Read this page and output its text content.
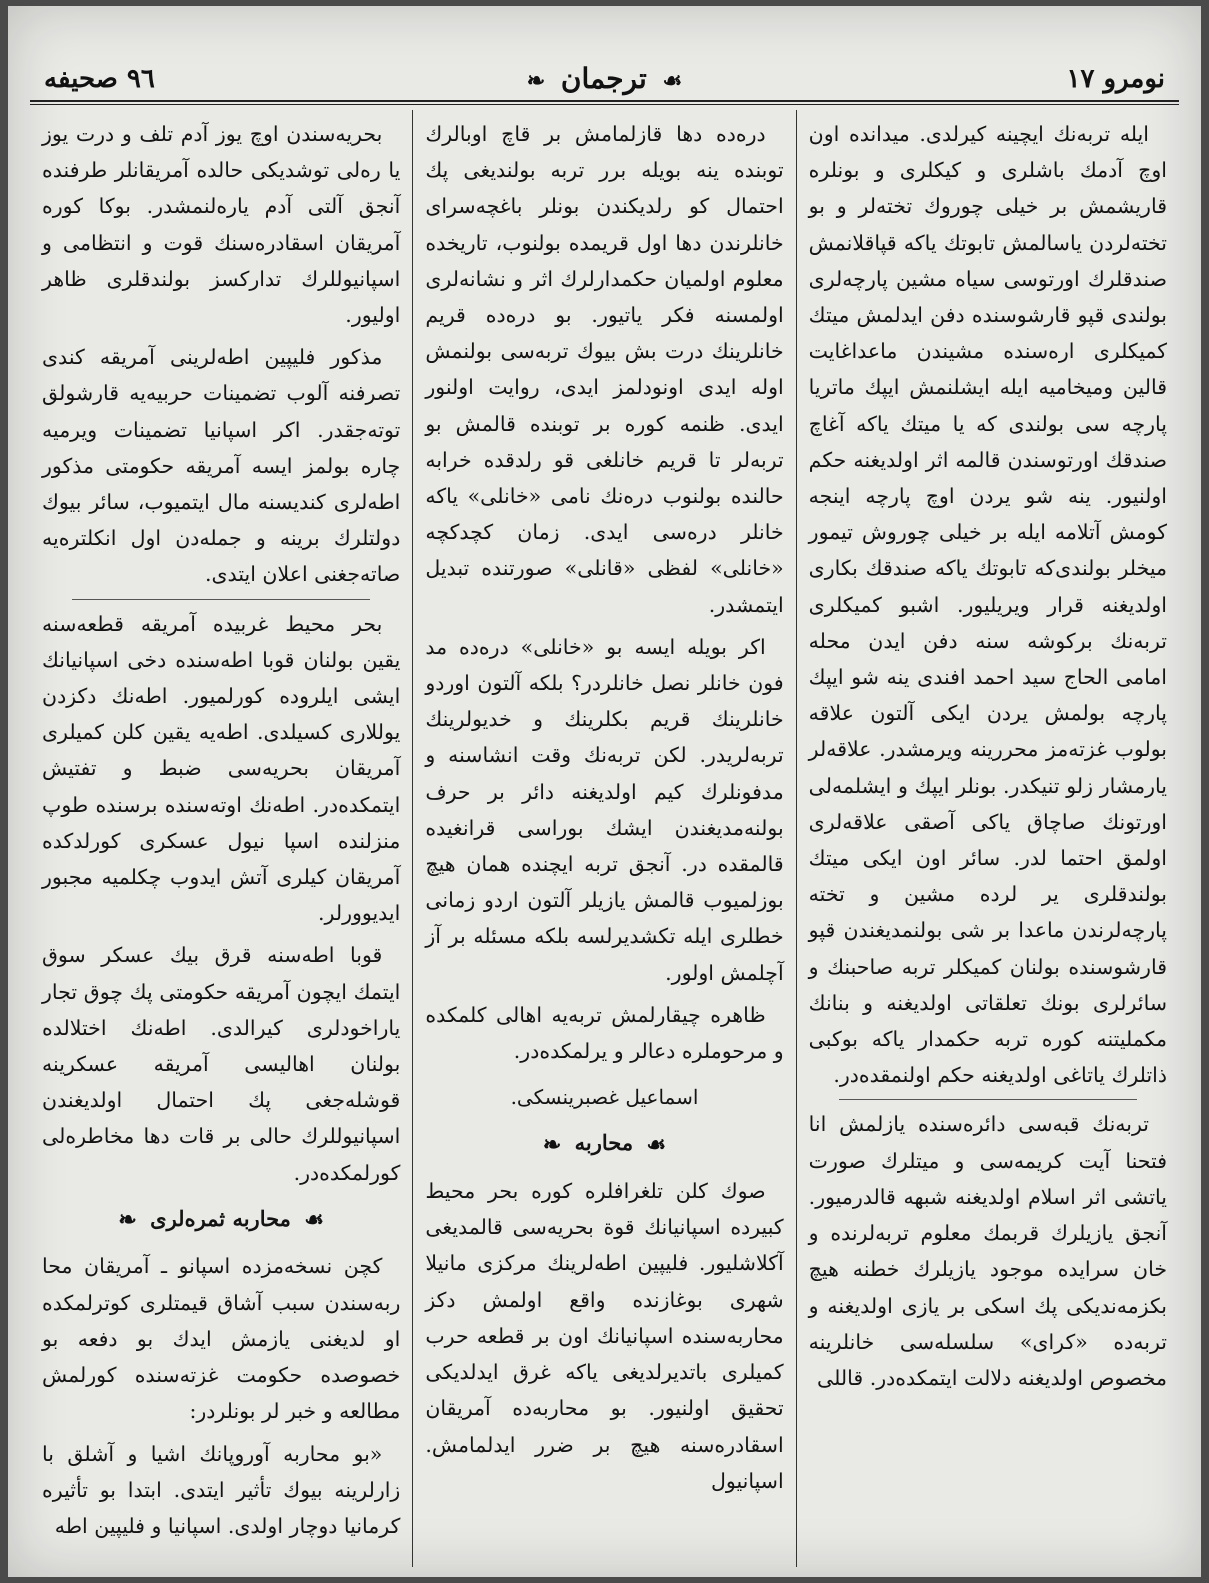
نومرو ١٧
☙ ترجمان ❧
٩٦ صحيفه

ايله تربه‌نك ايچينه كيرلدى. ميدانده اون اوچ آدمك باشلرى و كيكلرى و بونلره قاريشمش بر خيلى چوروك تخته‌لر و بو تخته‌لردن ياسالمش تابوتك ياكه قپاقلانمش صندقلرك اورتوسى سياه مشين پارچه‌لرى بولندى قپو قارشوسنده دفن ايدلمش ميتك كميكلرى ارەسنده مشيندن ماعداغايت قالين وميخاميه ايله ايشلنمش ايپك ماتريا پارچه سى بولندى كه يا ميتك ياكه آغاچ صندقك اورتوسندن قالمه اثر اولديغنه حكم اولنيور. ينه شو يردن اوچ پارچه اينجه كومش آتلامه ايله بر خيلى چوروش تيمور ميخلر بولندى‌كه تابوتك ياكه صندقك بكارى اولديغنه قرار ويريليور. اشبو كميكلرى تربه‌نك بركوشه سنه دفن ايدن محله امامى الحاج سيد احمد افندى ينه شو ايپك پارچه بولمش يردن ايكى آلتون علاقه بولوب غزته‌مز محررينه ويرمشدر. علاقه‌لر يارمشار زلو تنيكدر. بونلر ايپك و ايشلمه‌لى اورتونك صاچاق ياكى آصقى علاقه‌لرى اولمق احتما لدر. سائر اون ايكى ميتك بولندقلرى ير لرده مشين و تخته پارچه‌لرندن ماعدا بر شى بولنمديغندن قپو قارشوسنده بولنان كميكلر تربه صاحبنك و سائرلرى بونك تعلقاتى اولديغنه و بنانك مكمليتنه كوره تربه حكمدار ياكه بوكبى ذاتلرك ياتاغى اولديغنه حكم اولنمقده‌در.

تربه‌نك قبه‌سى دائره‌سنده يازلمش انا فتحنا آيت كريمه‌سى و ميتلرك صورت يا‌تشى اثر اسلام اولديغنه شبهه قالدرميور. آنجق يازيلرك قربمك معلوم تربه‌لرنده و خان سرايده موجود يازيلرك خطنه هيچ بكزمه‌نديكى پك اسكى بر يازى اولديغنه و تربه‌ده «كراى» سلسله‌سى خانلرينه مخصوص اولديغنه دلالت ايتمكده‌در. قاللى

دره‌ده دها قازلمامش بر قاچ اوبالرك توبنده ينه بويله برر تربه بولنديغى پك احتمال كو رلديكندن بونلر باغچه‌سراى خانلرندن دها اول قريمده بولنوب، تاريخده معلوم اولميان حكمدارلرك اثر و نشانه‌لرى اولمسنه فكر ياتيور. بو دره‌ده قريم خانلرينك درت بش بيوك تربه‌سى بولنمش اوله ايدى اونودلمز ايدى، روايت اولنور ايدى. ظنمه كوره بر توبنده قالمش بو تربه‌لر تا قريم خانلغى قو رلدقده خرابه حالنده بولنوب دره‌نك نامى «خانلى» ياكه خانلر دره‌سى ايدى. زمان كچدكچه «خانلى» لفظى «قانلى» صورتنده تبديل ايتمشدر.

اكر بويله ايسه بو «خانلى» دره‌ده مد فون خانلر نصل خانلردر؟ بلكه آلتون اوردو خانلرينك قريم بكلرينك و خديولرينك تربه‌لريدر. لكن تربه‌نك وقت انشاسنه و مدفونلرك كيم اولديغنه دائر بر حرف بو‌لنه‌مديغندن ايشك بوراسى قرانغيده قالمقده در. آنجق تربه ايچنده همان هيچ بو‌زلميوب قالمش يازيلر آلتون اردو زمانى خطلرى ايله تكشديرلسه بلكه مسئله بر آز آچلمش اولور.

ظاهره چيقارلمش تربه‌يه اهالى كلمكده و مرحوملره دعالر و يرلمكده‌در.

اسماعيل غصبرينسكى.
☙ محاربه ❧

صوك كلن تلغرافلره كوره بحر محيط كبيرده اسپانيانك قوة بحريه‌سى قالمديغى آكلاشليور. فليپين اطه‌لرينك مركزى مانيلا شهرى بوغازنده واقع اولمش دكز محاربه‌سنده اسپانيانك اون بر قطعه حرب كميلرى باتديرلديغى ياكه غرق ايدلديكى تحقيق اولنيور. بو محاربه‌ده آمريقان اسقا‌دره‌سنه هيچ بر ضرر ايدلمامش. اسپانيول

بحريه‌سندن اوچ يوز آدم تلف و درت يوز يا رەلى توشديكى حالده آمريقانلر طرفنده آنجق آلتى آدم ياره‌لنمشدر. بوكا كوره آمريقان اسقادره‌سنك قوت و انتظامى و اسپانيوللرك تدارکسز بولندقلرى ظاهر اوليور.

مذكور فليپين اطه‌لرينى آمريقه كندى تصرفنه آلوب تضمينات حربيه‌يه قارشولق توته‌جقدر. اكر اسپانيا تضمينات ويرميه چاره بولمز ايسه آمريقه حكومتى مذكور اطه‌لرى كنديسنه مال ايتميوب، سائر بيوك دولتلرك برينه و جمله‌دن اول انكلتره‌يه صاته‌جغنى اعلان ايتدى.

بحر محيط غربيده آمريقه قطعه‌سنه يقين بولنان قوبا اطه‌سنده دخى اسپانيانك ايشى ايلروده كورلميور. اطه‌نك دكزدن يوللارى كسيلدى. اطه‌يه يقين كلن كميلرى آمريقان بحريه‌سى ضبط و تفتيش ايتمكده‌در. اطه‌نك اوته‌سنده برسنده طوپ منزلنده اسپا نيول عسكرى كورلدكده آمريقان كيلرى آتش ايدوب چكلميه مجبور ايديوورلر.

قوبا اطه‌سنه قرق بيك عسكر سوق ايتمك ايچون آمريقه حكومتى پك چوق تجار ياراخودلرى كيرالدى. اطه‌نك اختلالده بولنان اهاليسى آمريقه عسكرينه قوشله‌جغى پك احتمال اولديغندن اسپانيوللرك حالى بر قات دها مخاطره‌لى كورلمكده‌در.

☙ محاربه ثمره‌لرى ❧

كچن نسخه‌مزده اسپانو ـ آمريقان محا ربه‌سندن سبب آشاق قيمتلرى كوترلمكده او لديغنى يازمش ايدك بو دفعه بو خصوصده حكومت غزته‌سنده كورلمش مطالعه و خبر لر بونلردر:

«بو محاربه آوروپانك اشيا و آشلق با زارلرينه بيوك تأثير ايتدى. ابتدا بو تأثيره كرمانيا دوچار اولدى. اسپانيا و فليپين اطه
